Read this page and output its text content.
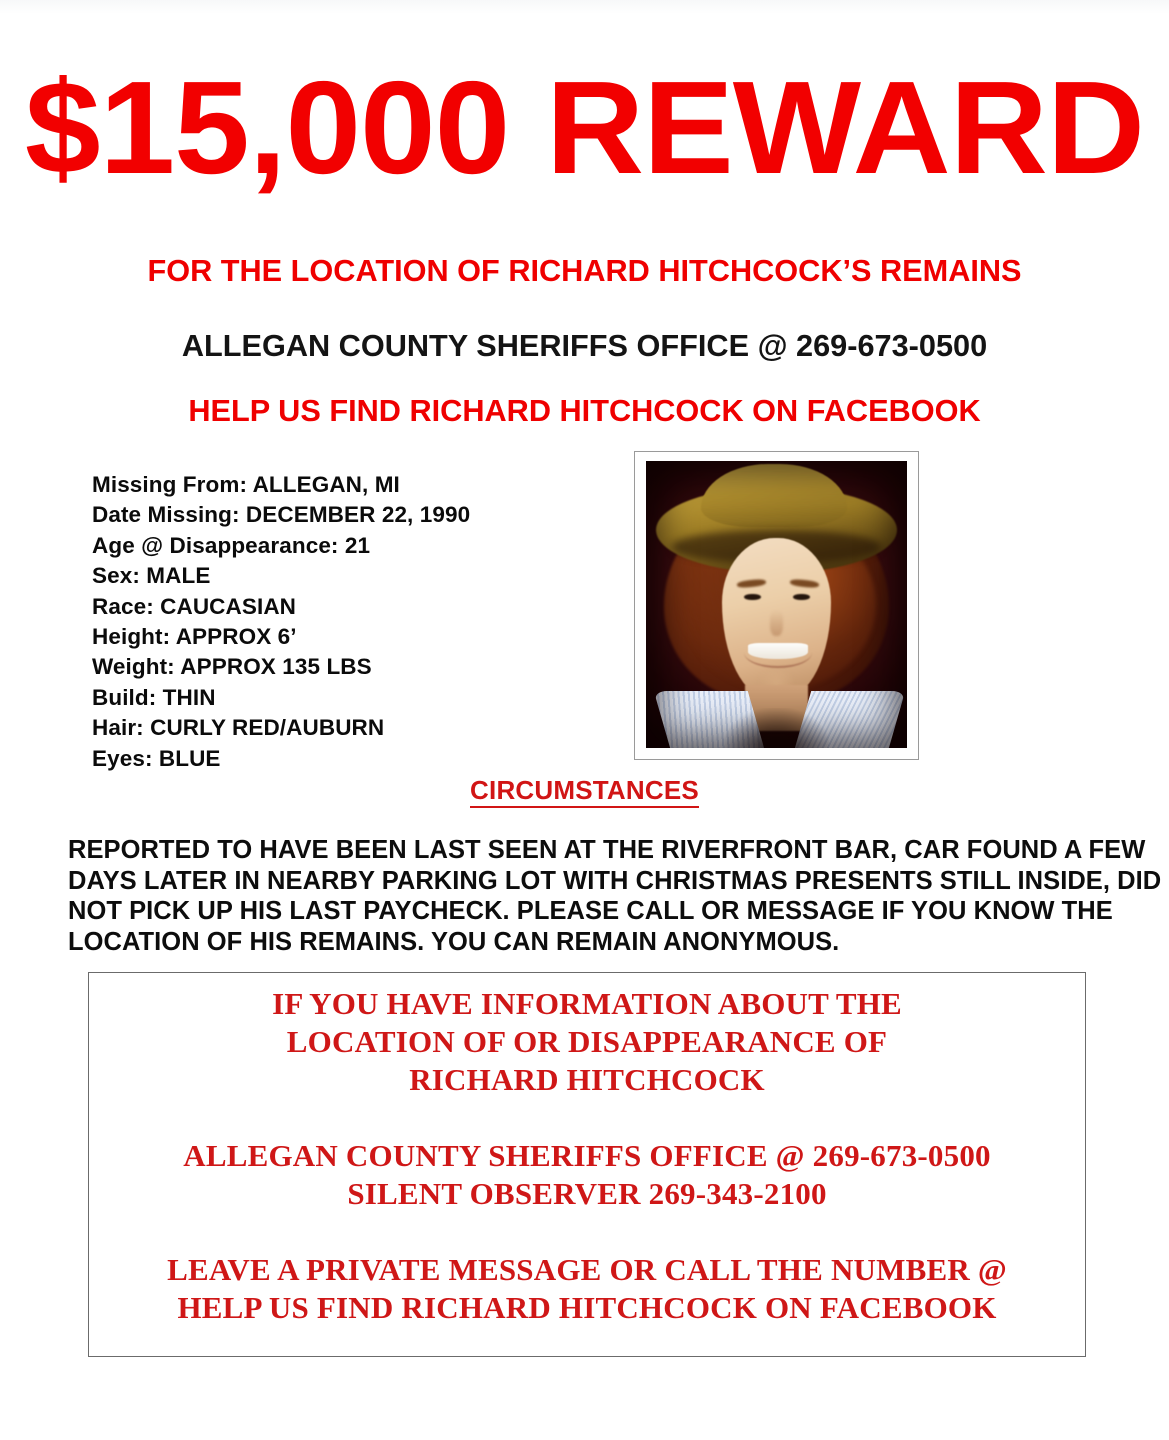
$15,000 REWARD
FOR THE LOCATION OF RICHARD HITCHCOCK’S REMAINS
ALLEGAN COUNTY SHERIFFS OFFICE @ 269-673-0500
HELP US FIND RICHARD HITCHCOCK ON FACEBOOK
Missing From: ALLEGAN, MI
Date Missing: DECEMBER 22, 1990
Age @ Disappearance: 21
Sex: MALE
Race: CAUCASIAN
Height: APPROX 6’
Weight: APPROX 135 LBS
Build: THIN
Hair: CURLY RED/AUBURN
Eyes: BLUE
CIRCUMSTANCES
REPORTED TO HAVE BEEN LAST SEEN AT THE RIVERFRONT BAR, CAR FOUND A FEW
DAYS LATER IN NEARBY PARKING LOT WITH CHRISTMAS PRESENTS STILL INSIDE, DID
NOT PICK UP HIS LAST PAYCHECK. PLEASE CALL OR MESSAGE IF YOU KNOW THE
LOCATION OF HIS REMAINS. YOU CAN REMAIN ANONYMOUS.
IF YOU HAVE INFORMATION ABOUT THE
LOCATION OF OR DISAPPEARANCE OF
RICHARD HITCHCOCK
ALLEGAN COUNTY SHERIFFS OFFICE @ 269-673-0500
SILENT OBSERVER 269-343-2100
LEAVE A PRIVATE MESSAGE OR CALL THE NUMBER @
HELP US FIND RICHARD HITCHCOCK ON FACEBOOK
